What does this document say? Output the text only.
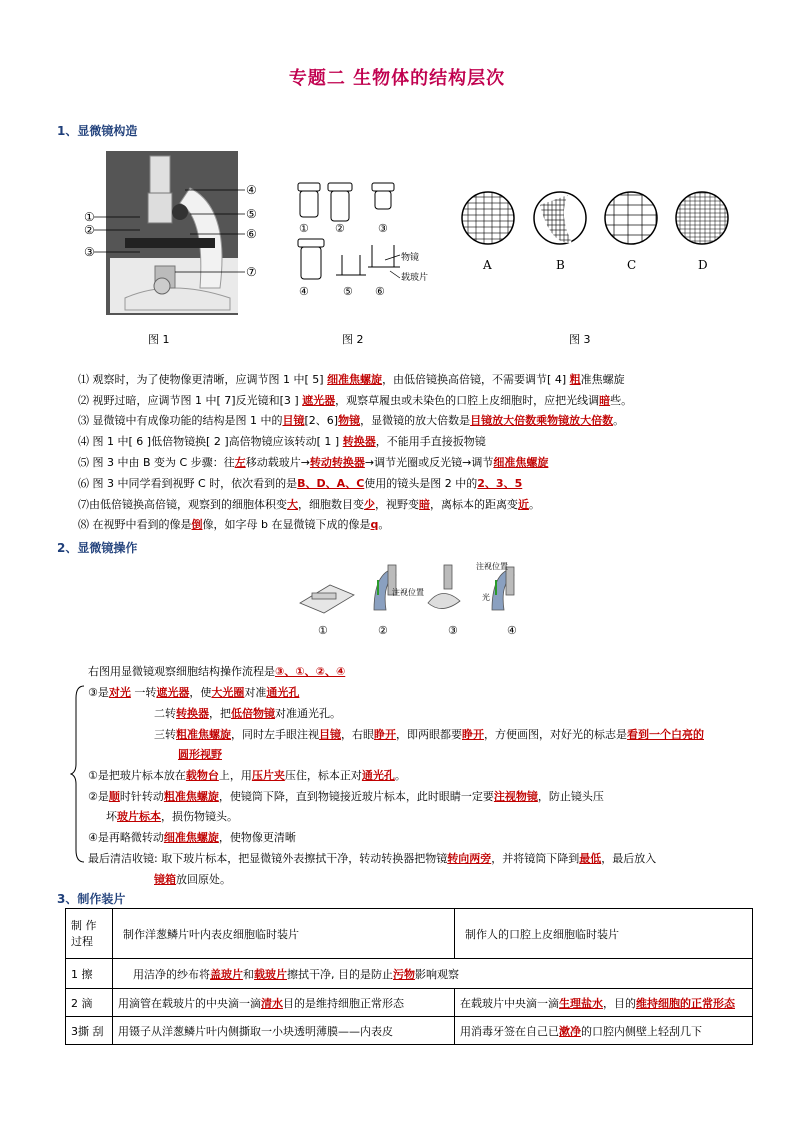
专题二 生物体的结构层次
1、显微镜构造
①
②
③
④
⑤
⑥
⑦
图 1
① ②	③
④	⑤ ⑥
物镜
载玻片
图 2
A	B	C	D
图 3
⑴ 观察时，为了使物像更清晰，应调节图 1 中[ 5] 细准焦螺旋，由低倍镜换高倍镜，不需要调节[ 4] 粗准焦螺旋
⑵ 视野过暗，应调节图 1 中[ 7]反光镜和[3 ] 遮光器，观察草履虫或未染色的口腔上皮细胞时，应把光线调暗些。
⑶ 显微镜中有成像功能的结构是图 1 中的目镜[2、6]物镜，显微镜的放大倍数是目镜放大倍数乘物镜放大倍数。
⑷ 图 1 中[ 6 ]低倍物镜换[ 2 ]高倍物镜应该转动[ 1 ] 转换器，不能用手直接扳物镜
⑸ 图 3 中由 B 变为 C 步骤：往左移动载玻片→转动转换器→调节光圈或反光镜→调节细准焦螺旋
⑹ 图 3 中同学看到视野 C 时，依次看到的是B、D、A、C使用的镜头是图 2 中的2、3、5
⑺由低倍镜换高倍镜，观察到的细胞体积变大，细胞数目变少，视野变暗，离标本的距离变近。
⑻ 在视野中看到的像是倒像，如字母 b 在显微镜下成的像是q。
2、显微镜操作
注视位置
注视位置
光
①	②	③	④
右图用显微镜观察细胞结构操作流程是③、①、②、④
③是对光 一转遮光器，使大光圈对准通光孔
二转转换器，把低倍物镜对准通光孔。
三转粗准焦螺旋，同时左手眼注视目镜，右眼睁开，即两眼都要睁开，方便画图，对好光的标志是看到一个白亮的
圆形视野
①是把玻片标本放在载物台上，用压片夹压住，标本正对通光孔。
②是顺时针转动粗准焦螺旋，使镜筒下降，直到物镜接近玻片标本，此时眼睛一定要注视物镜，防止镜头压
坏玻片标本，损伤物镜头。
④是再略微转动细准焦螺旋，使物像更清晰
最后清洁收镜: 取下玻片标本，把显微镜外表擦拭干净，转动转换器把物镜转向两旁，并将镜筒下降到最低，最后放入
镜箱放回原处。
3、制作装片
制 作
过程	制作洋葱鳞片叶内表皮细胞临时装片	制作人的口腔上皮细胞临时装片
1 擦	用洁净的纱布将盖玻片和载玻片擦拭干净, 目的是防止污物影响观察	
2 滴	用滴管在载玻片的中央滴一滴清水目的是维持细胞正常形态	在载玻片中央滴一滴生理盐水，目的维持细胞的正常形态
3撕 刮	用镊子从洋葱鳞片叶内侧撕取一小块透明薄膜——内表皮	用消毒牙签在自己已漱净的口腔内侧壁上轻刮几下
